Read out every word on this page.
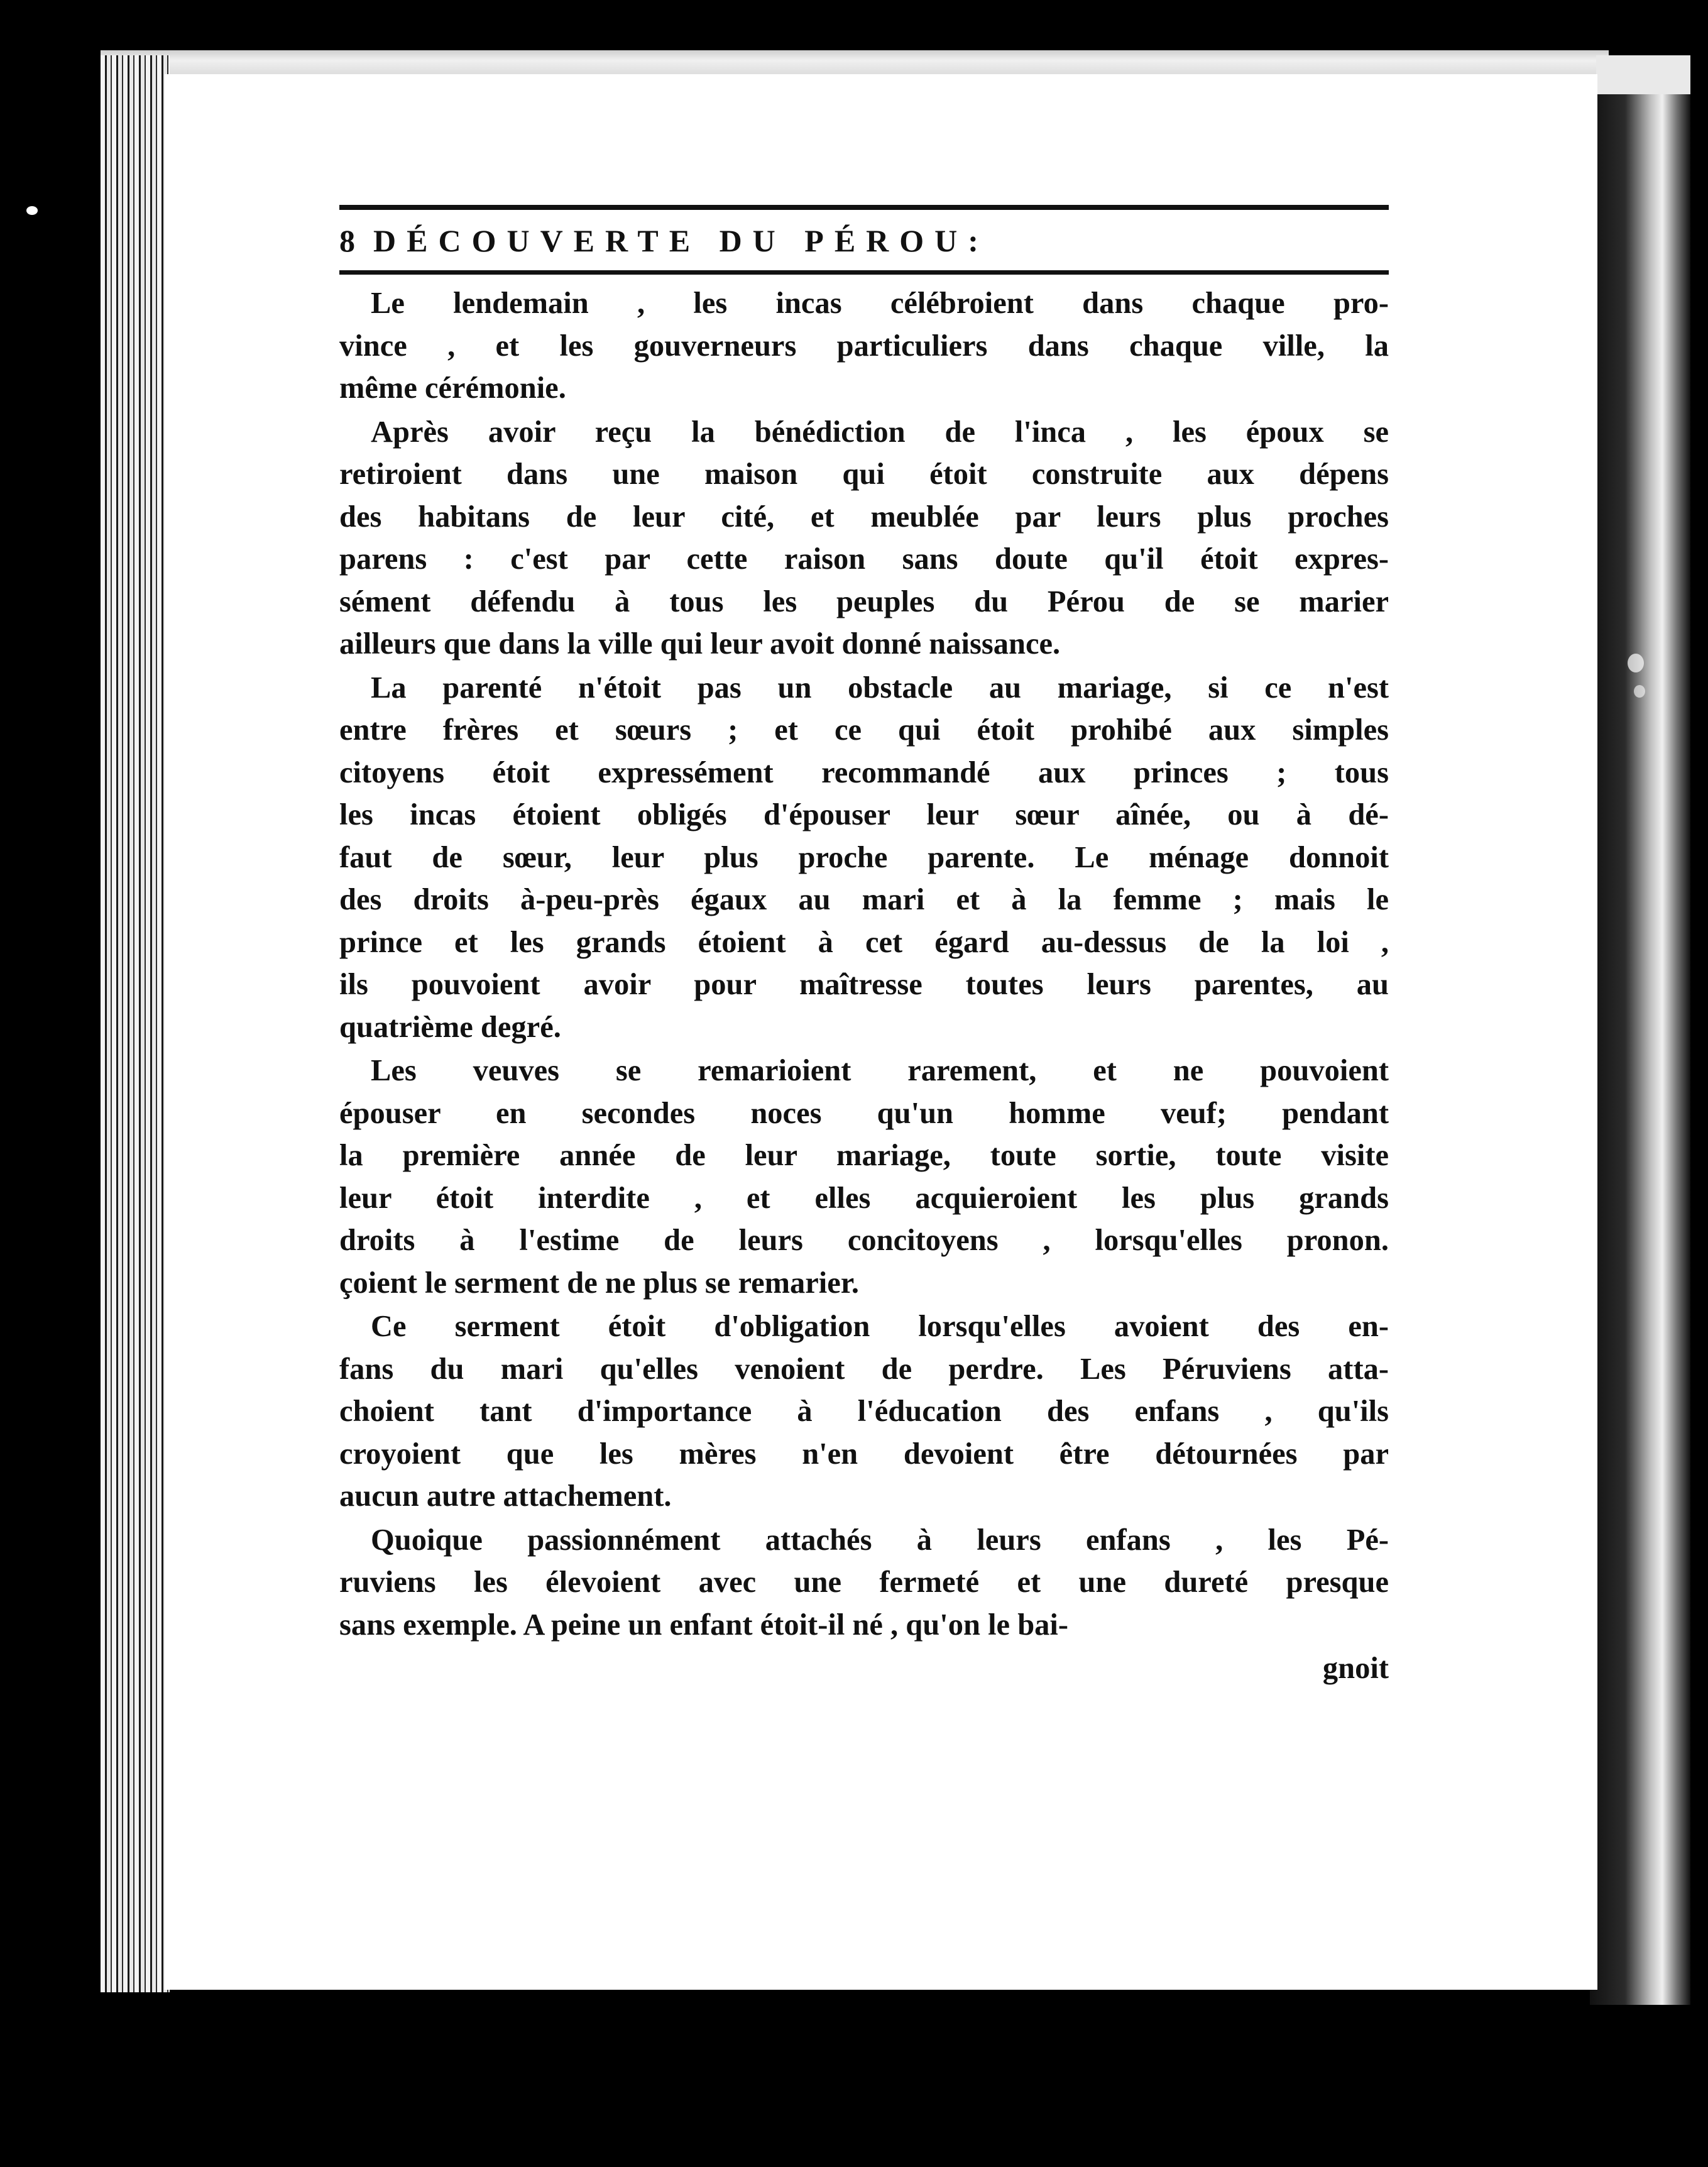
8 DÉCOUVERTE DU PÉROU:
Le lendemain , les incas célébroient dans chaque pro-
vince , et les gouverneurs particuliers dans chaque ville, la
même cérémonie.
Après avoir reçu la bénédiction de l'inca , les époux se
retiroient dans une maison qui étoit construite aux dépens
des habitans de leur cité, et meublée par leurs plus proches
parens : c'est par cette raison sans doute qu'il étoit expres-
sément défendu à tous les peuples du Pérou de se marier
ailleurs que dans la ville qui leur avoit donné naissance.
La parenté n'étoit pas un obstacle au mariage, si ce n'est
entre frères et sœurs ; et ce qui étoit prohibé aux simples
citoyens étoit expressément recommandé aux princes ; tous
les incas étoient obligés d'épouser leur sœur aînée, ou à dé-
faut de sœur, leur plus proche parente. Le ménage donnoit
des droits à-peu-près égaux au mari et à la femme ; mais le
prince et les grands étoient à cet égard au-dessus de la loi ,
ils pouvoient avoir pour maîtresse toutes leurs parentes, au
quatrième degré.
Les veuves se remarioient rarement, et ne pouvoient
épouser en secondes noces qu'un homme veuf; pendant
la première année de leur mariage, toute sortie, toute visite
leur étoit interdite , et elles acquieroient les plus grands
droits à l'estime de leurs concitoyens , lorsqu'elles pronon.
çoient le serment de ne plus se remarier.
Ce serment étoit d'obligation lorsqu'elles avoient des en-
fans du mari qu'elles venoient de perdre. Les Péruviens atta-
choient tant d'importance à l'éducation des enfans , qu'ils
croyoient que les mères n'en devoient être détournées par
aucun autre attachement.
Quoique passionnément attachés à leurs enfans , les Pé-
ruviens les élevoient avec une fermeté et une dureté presque
sans exemple. A peine un enfant étoit-il né , qu'on le bai-
gnoit
